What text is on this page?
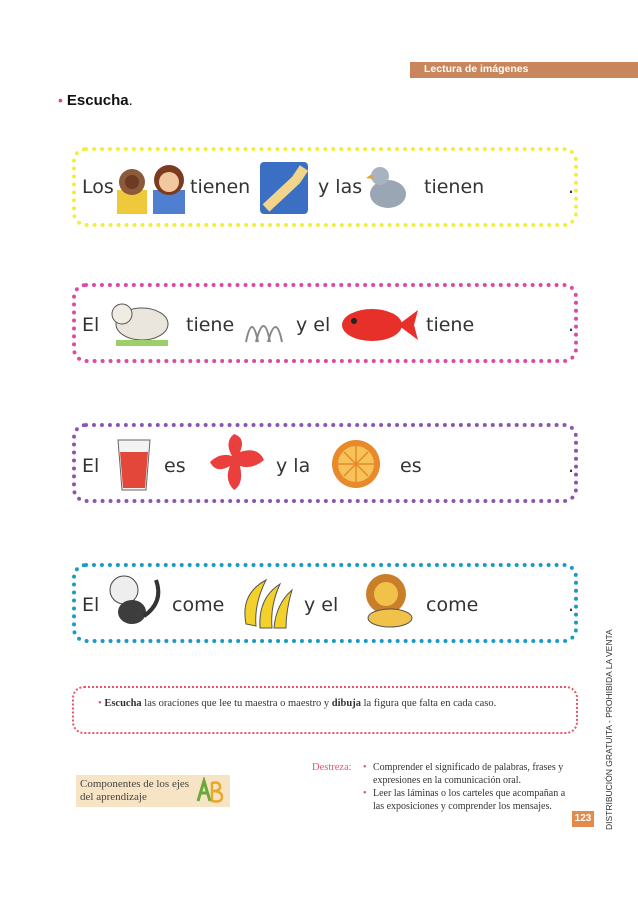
Lectura de imágenes
• Escucha.
Los	tienen	y las	tienen	.
El	tiene	y el	tiene	.
El	es	y la	es	.
El	come	y el	come	.
• Escucha las oraciones que lee tu maestra o maestro y dibuja la figura que falta en cada caso.
Destreza:
•	Comprender el significado de palabras, frases y expresiones en la comunicación oral.
• Leer las láminas o los carteles que acompañan a las exposiciones y comprender los mensajes.
Componentes de los ejes del aprendizaje
123	DISTRIBUCIÓN GRATUITA - PROHIBIDA LA VENTA
